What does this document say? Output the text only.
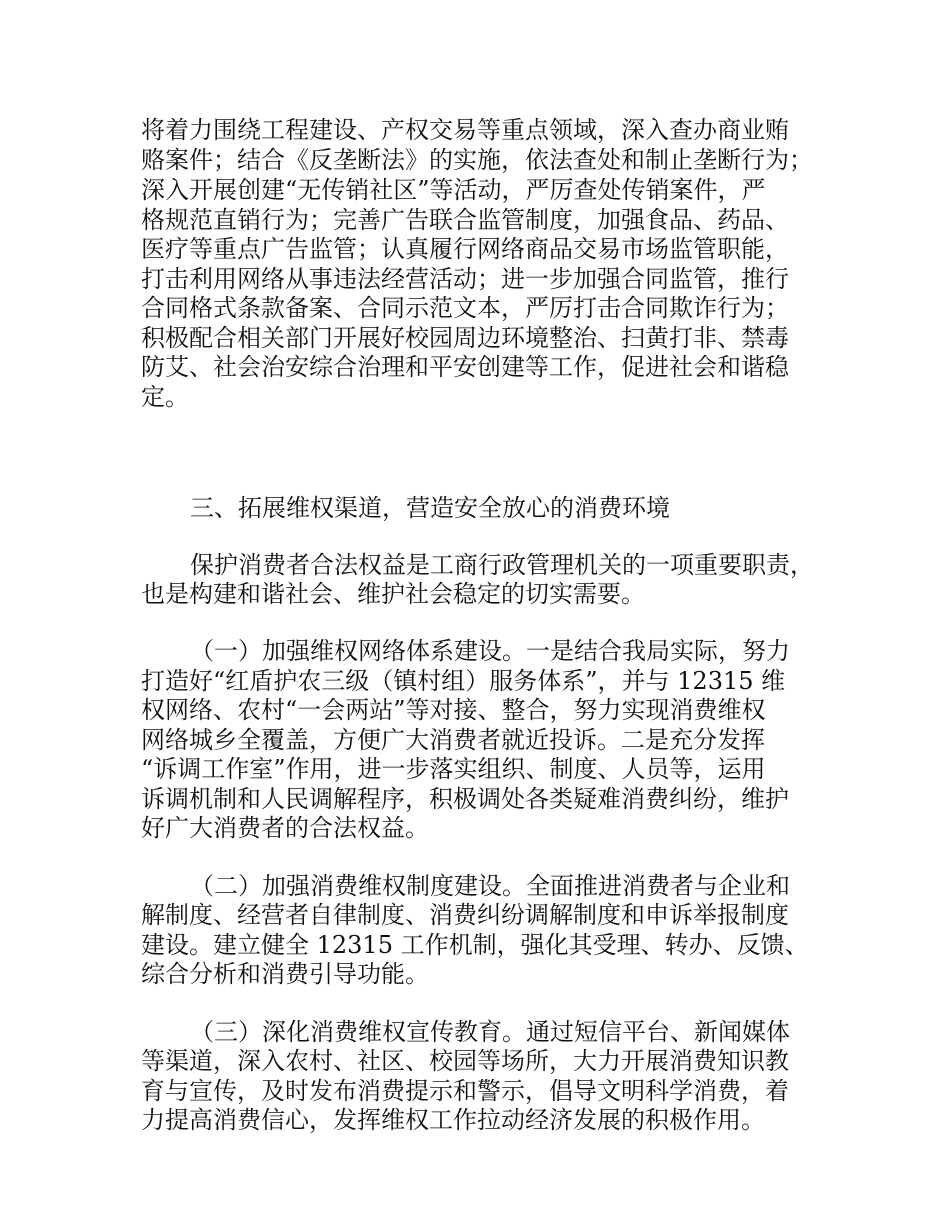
将着力围绕工程建设、产权交易等重点领域，深入查办商业贿
赂案件；结合《反垄断法》的实施，依法查处和制止垄断行为；
深入开展创建“无传销社区”等活动，严厉查处传销案件，严
格规范直销行为；完善广告联合监管制度，加强食品、药品、
医疗等重点广告监管；认真履行网络商品交易市场监管职能，
打击利用网络从事违法经营活动；进一步加强合同监管，推行
合同格式条款备案、合同示范文本，严厉打击合同欺诈行为；
积极配合相关部门开展好校园周边环境整治、扫黄打非、禁毒
防艾、社会治安综合治理和平安创建等工作，促进社会和谐稳
定。
三、拓展维权渠道，营造安全放心的消费环境
保护消费者合法权益是工商行政管理机关的一项重要职责，
也是构建和谐社会、维护社会稳定的切实需要。
（一）加强维权网络体系建设。一是结合我局实际，努力
打造好“红盾护农三级（镇村组）服务体系”，并与 12315 维
权网络、农村“一会两站”等对接、整合，努力实现消费维权
网络城乡全覆盖，方便广大消费者就近投诉。二是充分发挥
“诉调工作室”作用，进一步落实组织、制度、人员等，运用
诉调机制和人民调解程序，积极调处各类疑难消费纠纷，维护
好广大消费者的合法权益。
（二）加强消费维权制度建设。全面推进消费者与企业和
解制度、经营者自律制度、消费纠纷调解制度和申诉举报制度
建设。建立健全 12315 工作机制，强化其受理、转办、反馈、
综合分析和消费引导功能。
（三）深化消费维权宣传教育。通过短信平台、新闻媒体
等渠道，深入农村、社区、校园等场所，大力开展消费知识教
育与宣传，及时发布消费提示和警示，倡导文明科学消费，着
力提高消费信心，发挥维权工作拉动经济发展的积极作用。
